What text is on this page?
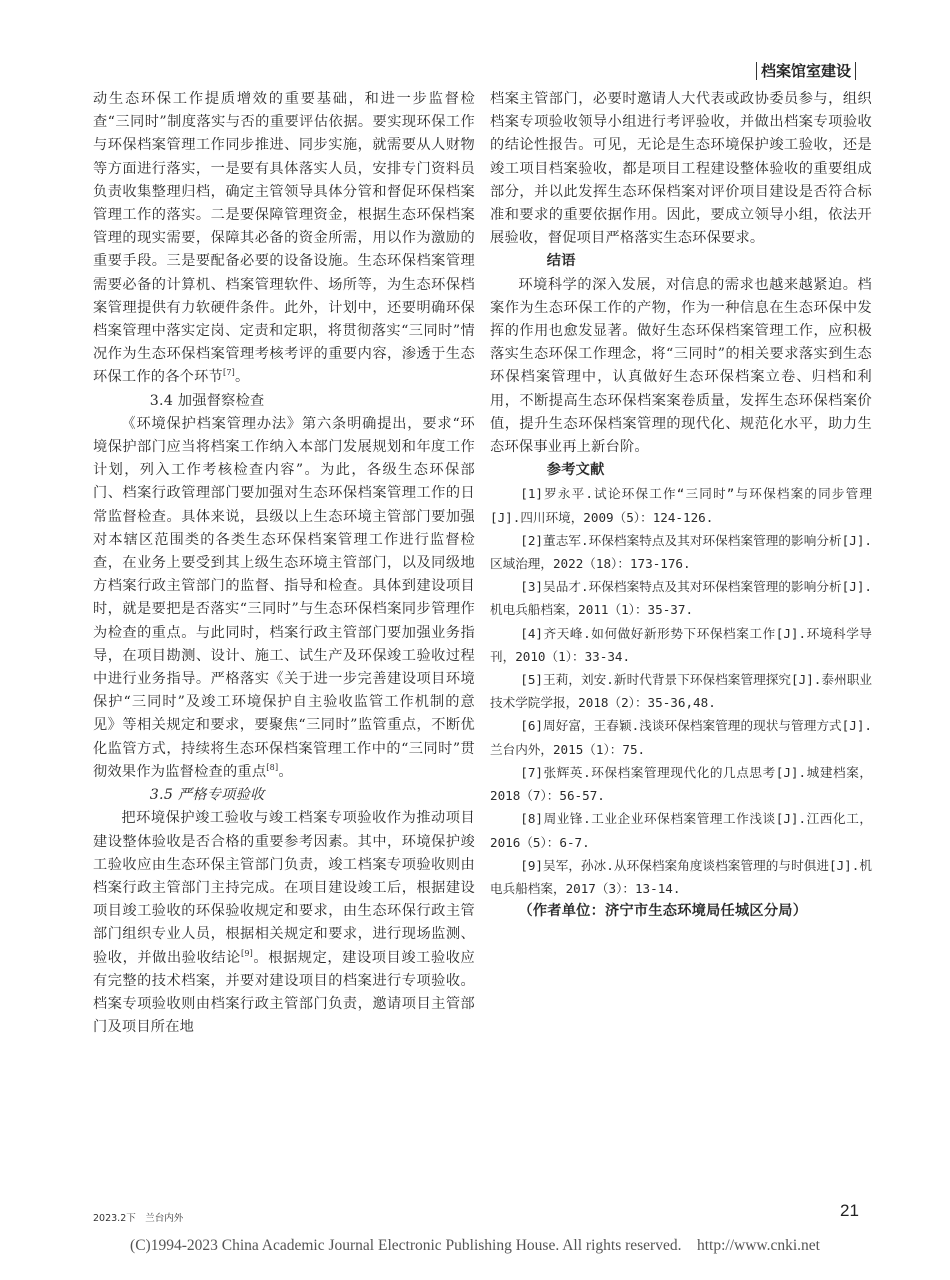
档案馆室建设

动生态环保工作提质增效的重要基础，和进一步监督检查“三同时”制度落实与否的重要评估依据。要实现环保工作与环保档案管理工作同步推进、同步实施，就需要从人财物等方面进行落实，一是要有具体落实人员，安排专门资料员负责收集整理归档，确定主管领导具体分管和督促环保档案管理工作的落实。二是要保障管理资金，根据生态环保档案管理的现实需要，保障其必备的资金所需，用以作为激励的重要手段。三是要配备必要的设备设施。生态环保档案管理需要必备的计算机、档案管理软件、场所等，为生态环保档案管理提供有力软硬件条件。此外，计划中，还要明确环保档案管理中落实定岗、定责和定职，将贯彻落实“三同时”情况作为生态环保档案管理考核考评的重要内容，渗透于生态环保工作的各个环节[7]。

3.4 加强督察检查

《环境保护档案管理办法》第六条明确提出，要求“环境保护部门应当将档案工作纳入本部门发展规划和年度工作计划，列入工作考核检查内容”。为此，各级生态环保部门、档案行政管理部门要加强对生态环保档案管理工作的日常监督检查。具体来说，县级以上生态环境主管部门要加强对本辖区范围类的各类生态环保档案管理工作进行监督检查，在业务上要受到其上级生态环境主管部门，以及同级地方档案行政主管部门的监督、指导和检查。具体到建设项目时，就是要把是否落实“三同时”与生态环保档案同步管理作为检查的重点。与此同时，档案行政主管部门要加强业务指导，在项目勘测、设计、施工、试生产及环保竣工验收过程中进行业务指导。严格落实《关于进一步完善建设项目环境保护“三同时”及竣工环境保护自主验收监管工作机制的意见》等相关规定和要求，要聚焦“三同时”监管重点，不断优化监管方式，持续将生态环保档案管理工作中的“三同时”贯彻效果作为监督检查的重点[8]。

3.5 严格专项验收

把环境保护竣工验收与竣工档案专项验收作为推动项目建设整体验收是否合格的重要参考因素。其中，环境保护竣工验收应由生态环保主管部门负责，竣工档案专项验收则由档案行政主管部门主持完成。在项目建设竣工后，根据建设项目竣工验收的环保验收规定和要求，由生态环保行政主管部门组织专业人员，根据相关规定和要求，进行现场监测、验收，并做出验收结论[9]。根据规定，建设项目竣工验收应有完整的技术档案，并要对建设项目的档案进行专项验收。档案专项验收则由档案行政主管部门负责，邀请项目主管部门及项目所在地

档案主管部门，必要时邀请人大代表或政协委员参与，组织档案专项验收领导小组进行考评验收，并做出档案专项验收的结论性报告。可见，无论是生态环境保护竣工验收，还是竣工项目档案验收，都是项目工程建设整体验收的重要组成部分，并以此发挥生态环保档案对评价项目建设是否符合标准和要求的重要依据作用。因此，要成立领导小组，依法开展验收，督促项目严格落实生态环保要求。

结语

环境科学的深入发展，对信息的需求也越来越紧迫。档案作为生态环保工作的产物，作为一种信息在生态环保中发挥的作用也愈发显著。做好生态环保档案管理工作，应积极落实生态环保工作理念，将“三同时”的相关要求落实到生态环保档案管理中，认真做好生态环保档案立卷、归档和利用，不断提高生态环保档案案卷质量，发挥生态环保档案价值，提升生态环保档案管理的现代化、规范化水平，助力生态环保事业再上新台阶。

参考文献

[1]罗永平.试论环保工作“三同时”与环保档案的同步管理[J].四川环境，2009（5）：124-126.
[2]董志军.环保档案特点及其对环保档案管理的影响分析[J].区域治理，2022（18）：173-176.
[3]吴品才.环保档案特点及其对环保档案管理的影响分析[J].机电兵船档案，2011（1）：35-37.
[4]齐天峰.如何做好新形势下环保档案工作[J].环境科学导刊，2010（1）：33-34.
[5]王莉，刘安.新时代背景下环保档案管理探究[J].泰州职业技术学院学报，2018（2）：35-36,48.
[6]周好富，王春颖.浅谈环保档案管理的现状与管理方式[J].兰台内外，2015（1）：75.
[7]张辉英.环保档案管理现代化的几点思考[J].城建档案，2018（7）：56-57.
[8]周业锋.工业企业环保档案管理工作浅谈[J].江西化工，2016（5）：6-7.
[9]吴军，孙冰.从环保档案角度谈档案管理的与时俱进[J].机电兵船档案，2017（3）：13-14.

（作者单位：济宁市生态环境局任城区分局）

2023.2下　兰台内外	21
(C)1994-2023 China Academic Journal Electronic Publishing House. All rights reserved.　http://www.cnki.net
